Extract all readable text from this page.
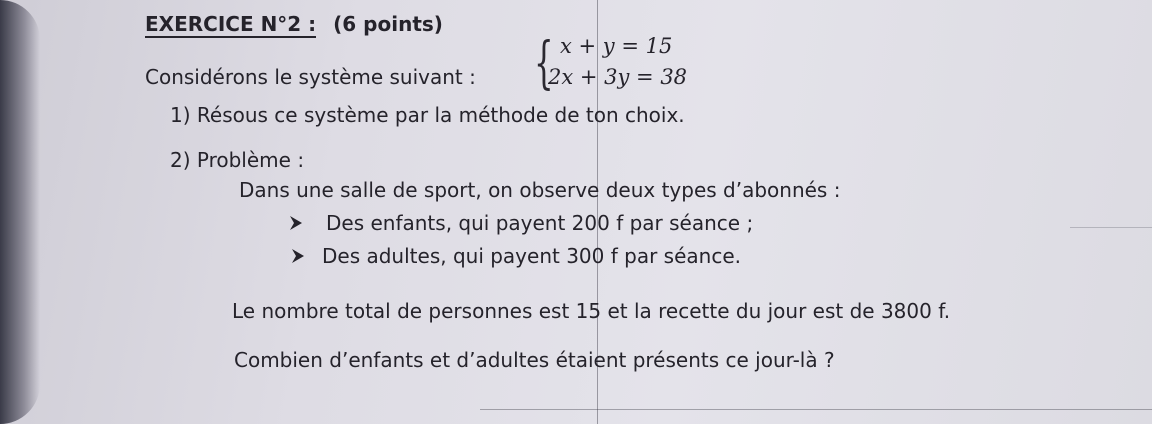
EXERCICE N°2 : (6 points)
Considérons le système suivant : { x + y = 15
2x + 3y = 38
1) Résous ce système par la méthode de ton choix.
2) Problème :
Dans une salle de sport, on observe deux types d’abonnés :
Des enfants, qui payent 200 f par séance ;
Des adultes, qui payent 300 f par séance.
Le nombre total de personnes est 15 et la recette du jour est de 3800 f.
Combien d’enfants et d’adultes étaient présents ce jour-là ?
